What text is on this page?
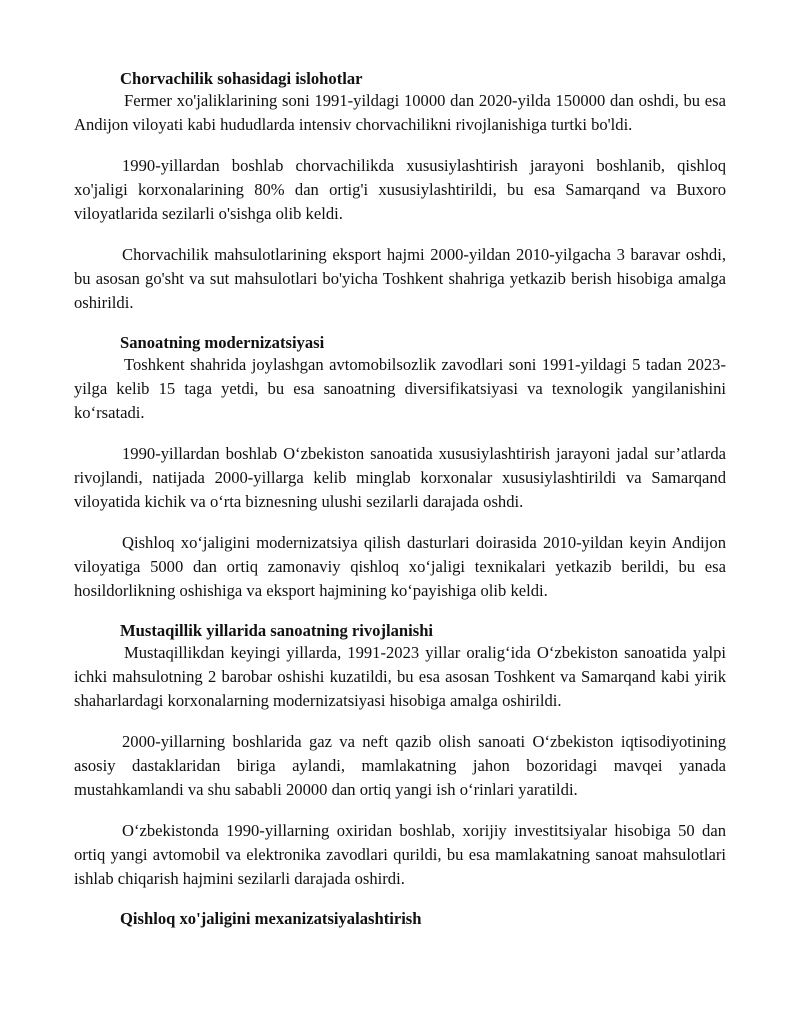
Chorvachilik sohasidagi islohotlar

Fermer xo'jaliklarining soni 1991-yildagi 10000 dan 2020-yilda 150000 dan oshdi, bu esa Andijon viloyati kabi hududlarda intensiv chorvachilikni rivojlanishiga turtki bo'ldi.

1990-yillardan boshlab chorvachilikda xususiylashtirish jarayoni boshlanib, qishloq xo'jaligi korxonalarining 80% dan ortig'i xususiylashtirildi, bu esa Samarqand va Buxoro viloyatlarida sezilarli o'sishga olib keldi.

Chorvachilik mahsulotlarining eksport hajmi 2000-yildan 2010-yilgacha 3 baravar oshdi, bu asosan go'sht va sut mahsulotlari bo'yicha Toshkent shahriga yetkazib berish hisobiga amalga oshirildi.

Sanoatning modernizatsiyasi

Toshkent shahrida joylashgan avtomobilsozlik zavodlari soni 1991-yildagi 5 tadan 2023-yilga kelib 15 taga yetdi, bu esa sanoatning diversifikatsiyasi va texnologik yangilanishini ko‘rsatadi.

1990-yillardan boshlab O‘zbekiston sanoatida xususiylashtirish jarayoni jadal sur’atlarda rivojlandi, natijada 2000-yillarga kelib minglab korxonalar xususiylashtirildi va Samarqand viloyatida kichik va o‘rta biznesning ulushi sezilarli darajada oshdi.

Qishloq xo‘jaligini modernizatsiya qilish dasturlari doirasida 2010-yildan keyin Andijon viloyatiga 5000 dan ortiq zamonaviy qishloq xo‘jaligi texnikalari yetkazib berildi, bu esa hosildorlikning oshishiga va eksport hajmining ko‘payishiga olib keldi.

Mustaqillik yillarida sanoatning rivojlanishi

Mustaqillikdan keyingi yillarda, 1991-2023 yillar oralig‘ida O‘zbekiston sanoatida yalpi ichki mahsulotning 2 barobar oshishi kuzatildi, bu esa asosan Toshkent va Samarqand kabi yirik shaharlardagi korxonalarning modernizatsiyasi hisobiga amalga oshirildi.

2000-yillarning boshlarida gaz va neft qazib olish sanoati O‘zbekiston iqtisodiyotining asosiy dastaklaridan biriga aylandi, mamlakatning jahon bozoridagi mavqei yanada mustahkamlandi va shu sababli 20000 dan ortiq yangi ish o‘rinlari yaratildi.

O‘zbekistonda 1990-yillarning oxiridan boshlab, xorijiy investitsiyalar hisobiga 50 dan ortiq yangi avtomobil va elektronika zavodlari qurildi, bu esa mamlakatning sanoat mahsulotlari ishlab chiqarish hajmini sezilarli darajada oshirdi.

Qishloq xo'jaligini mexanizatsiyalashtirish
